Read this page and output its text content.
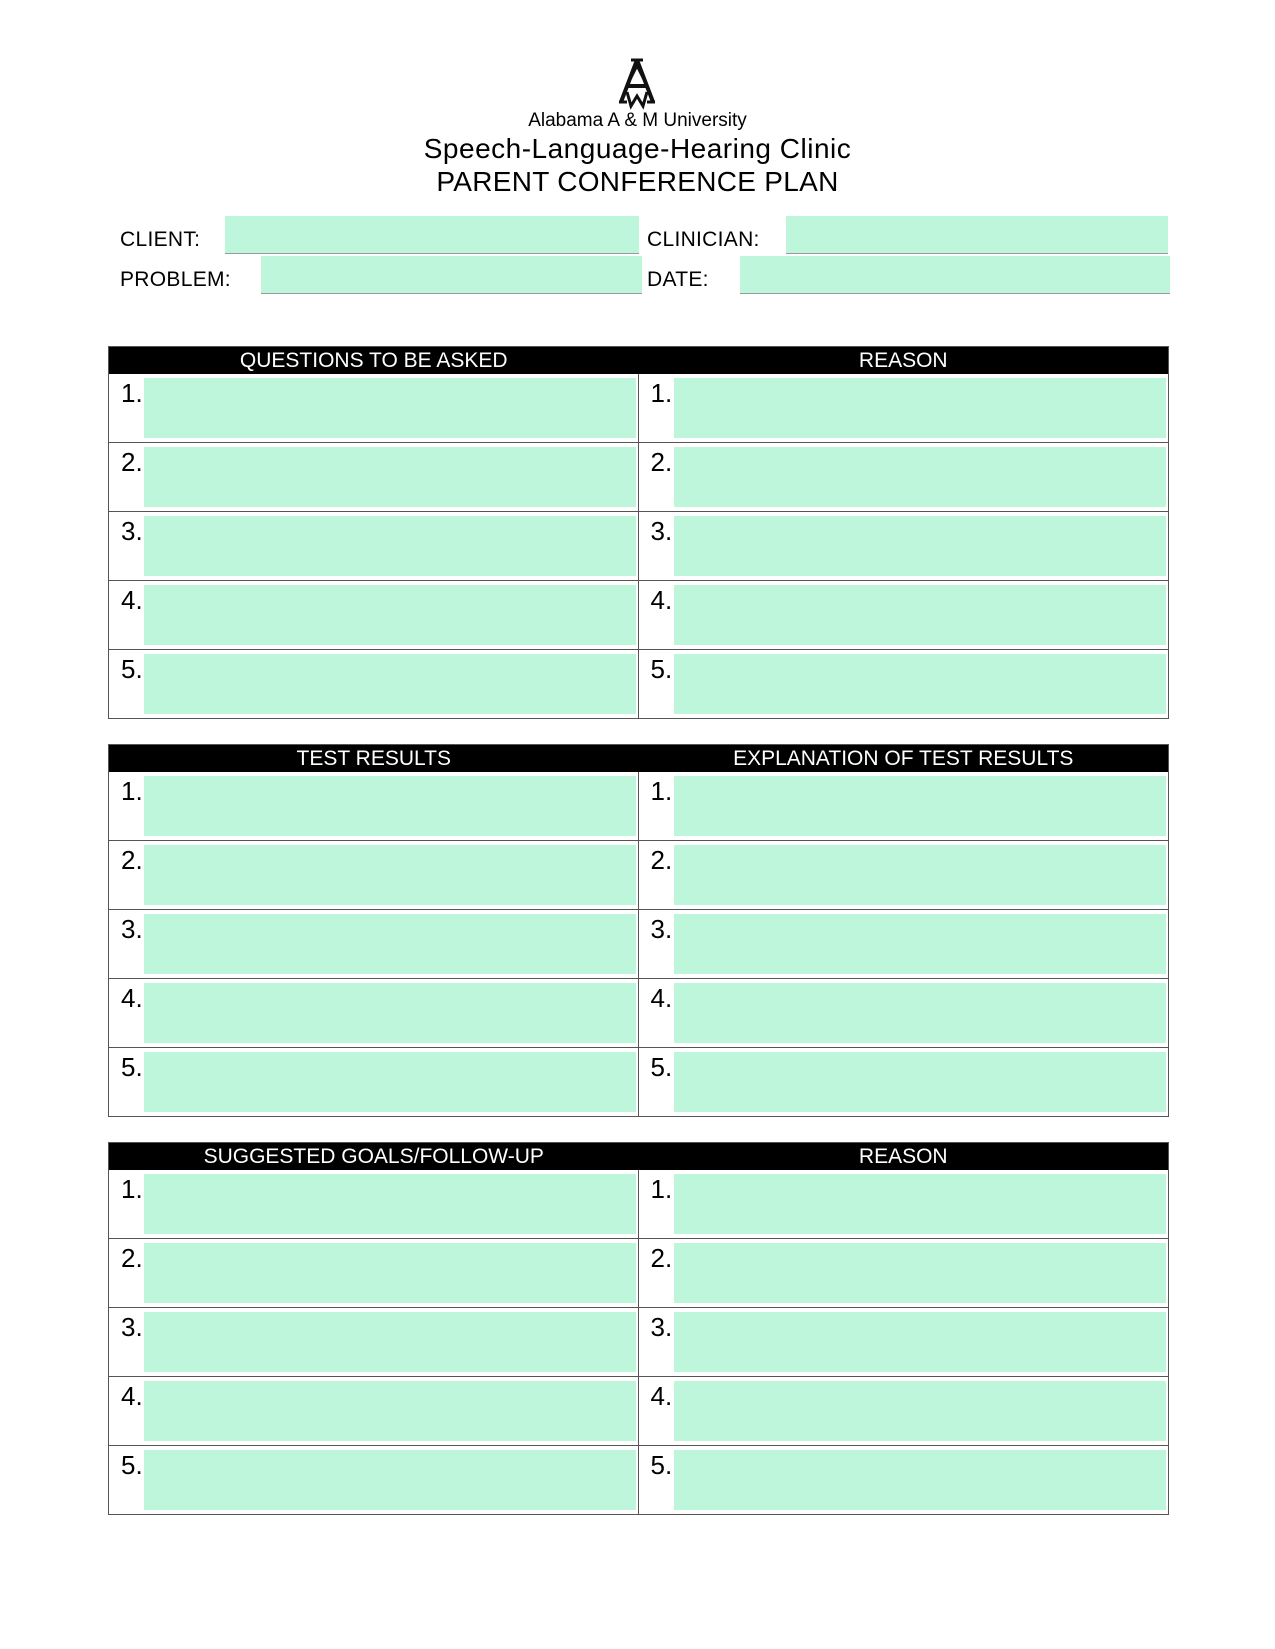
Alabama A & M University
Speech-Language-Hearing Clinic
PARENT CONFERENCE PLAN
CLIENT:	CLINICIAN:
PROBLEM:	DATE:
QUESTIONS TO BE ASKED	REASON
1.	1.
2.	2.
3.	3.
4.	4.
5.	5.
TEST RESULTS	EXPLANATION OF TEST RESULTS
1.	1.
2.	2.
3.	3.
4.	4.
5.	5.
SUGGESTED GOALS/FOLLOW-UP	REASON
1.	1.
2.	2.
3.	3.
4.	4.
5.	5.
